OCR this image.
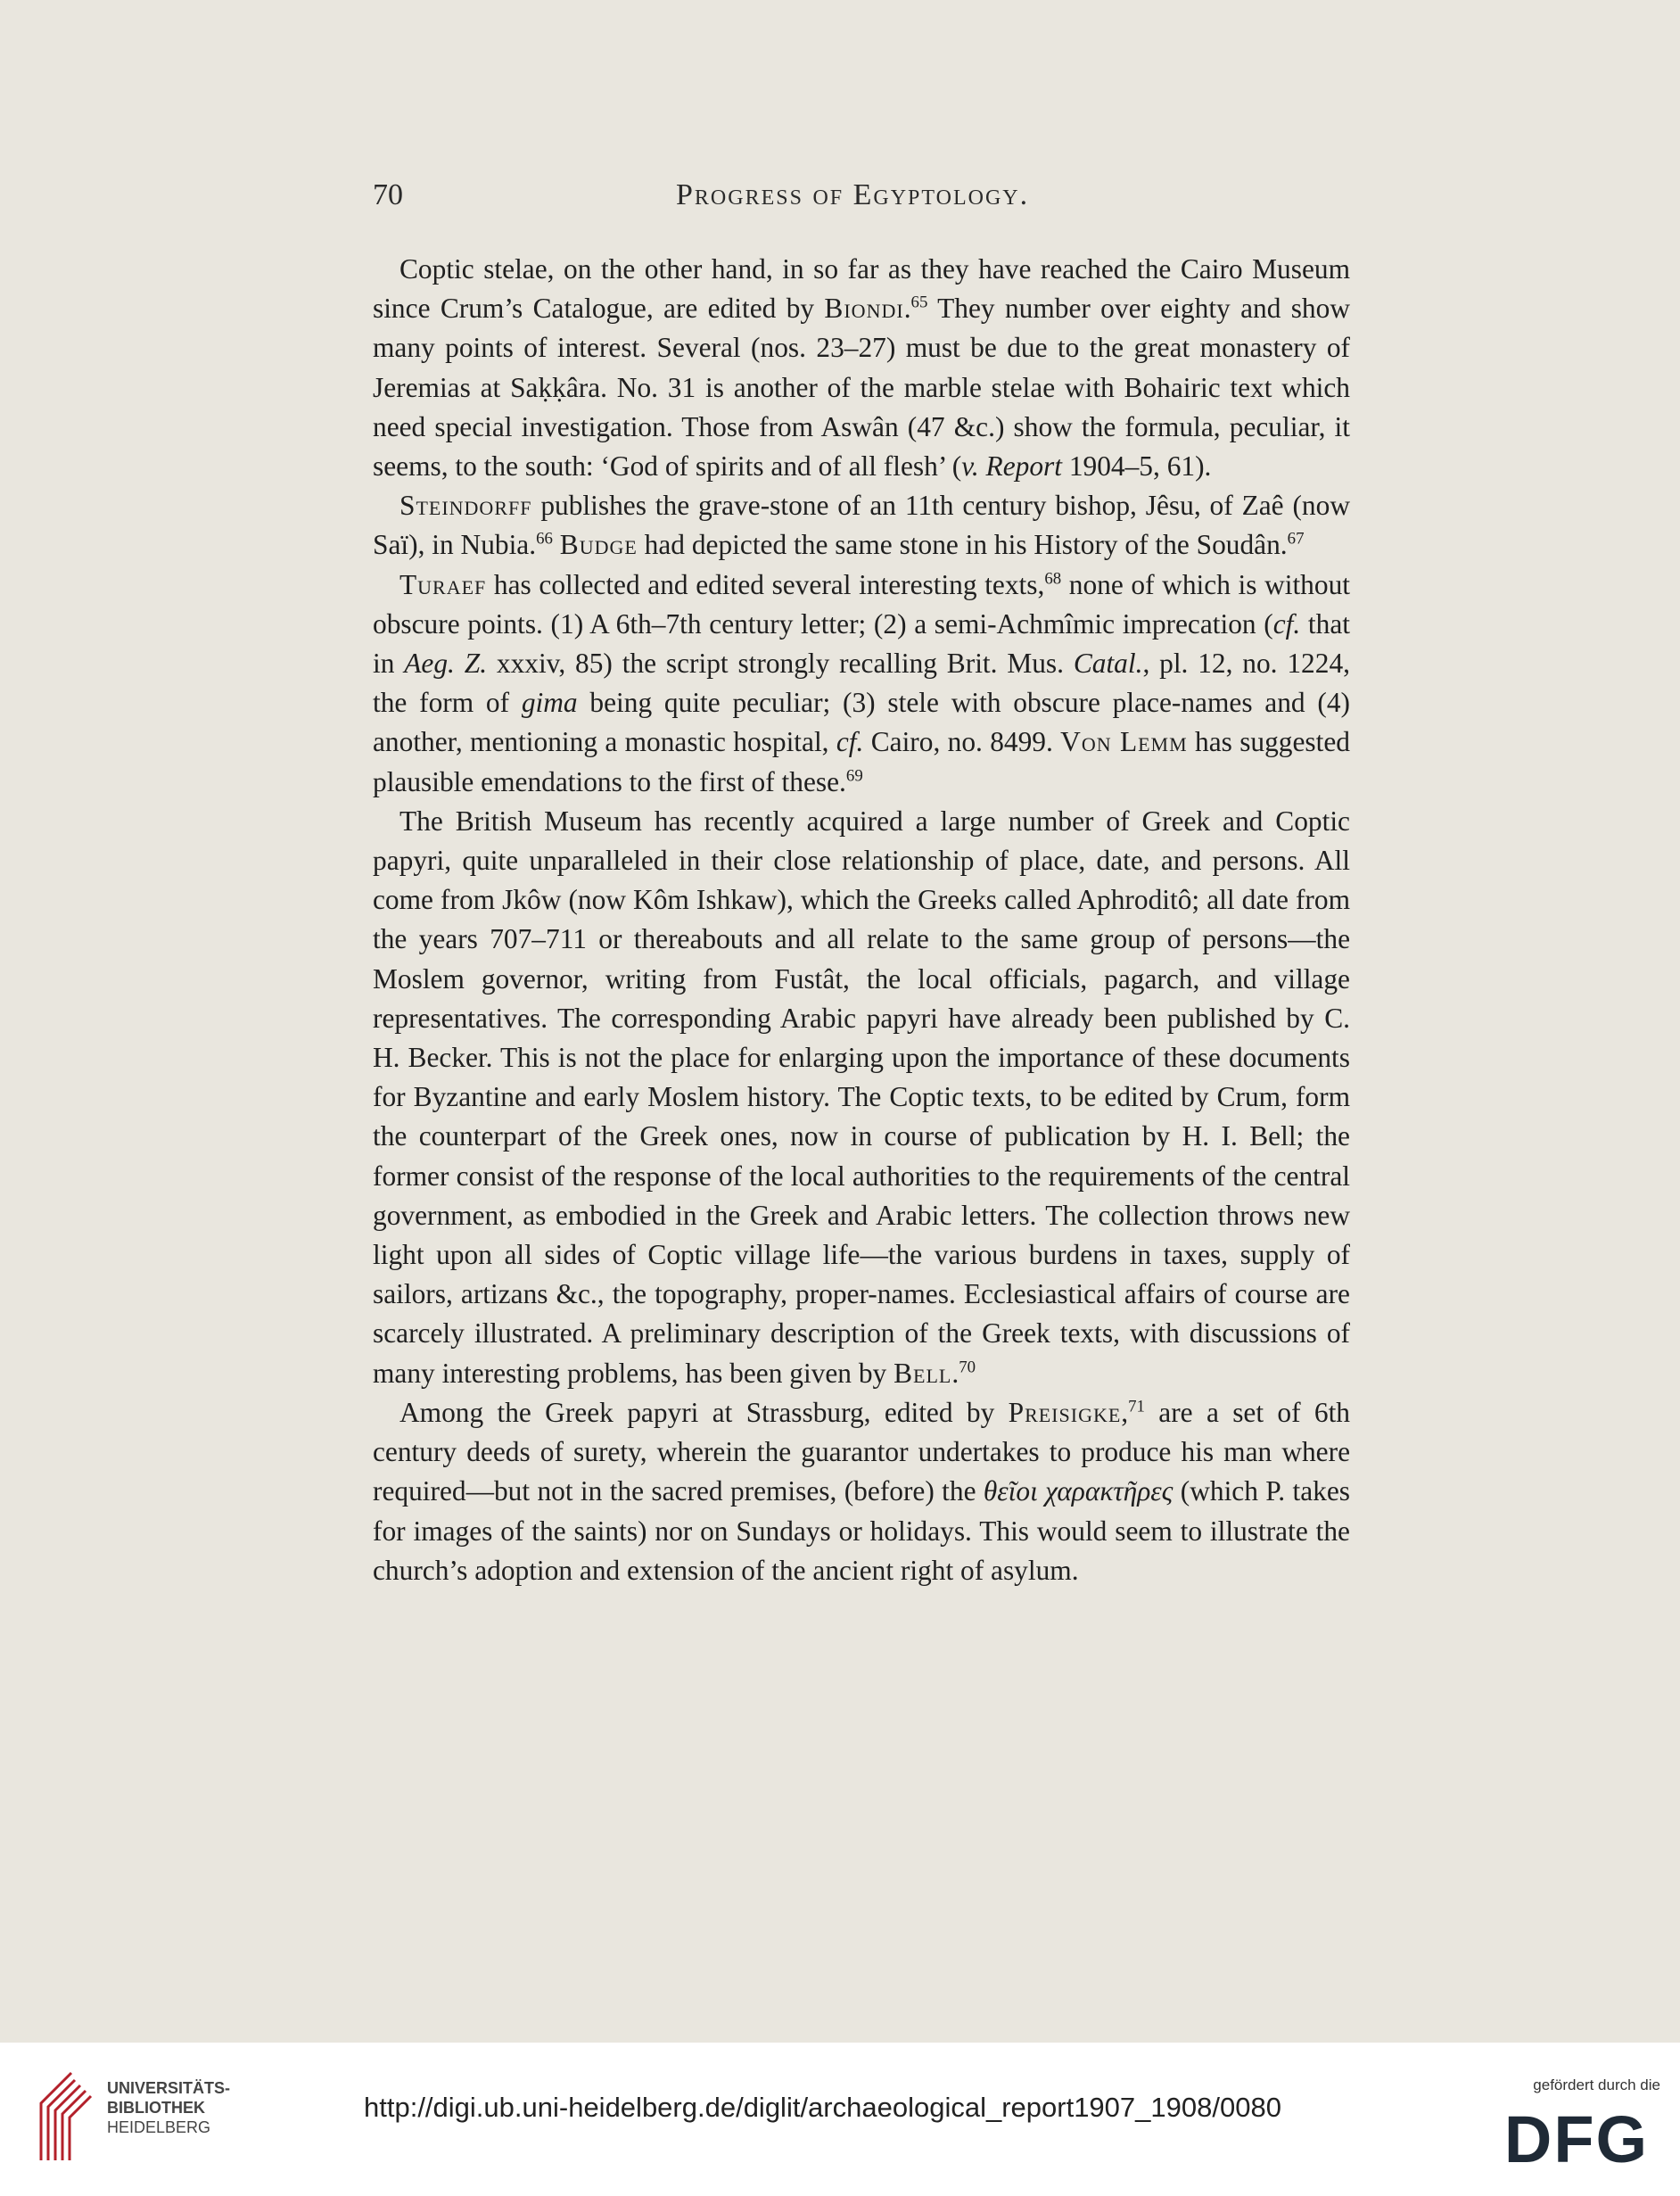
70	Progress of Egyptology.

Coptic stelae, on the other hand, in so far as they have reached the Cairo Museum since Crum’s Catalogue, are edited by Biondi.$^{65}$ They number over eighty and show many points of interest. Several (nos. 23–27) must be due to the great monastery of Jeremias at Saḳḳâra. No. 31 is another of the marble stelae with Bohairic text which need special investigation. Those from Aswân (47 &c.) show the formula, peculiar, it seems, to the south: ‘God of spirits and of all flesh’ (v. Report 1904–5, 61).

Steindorff publishes the grave-stone of an 11th century bishop, Jêsu, of Zaê (now Saï), in Nubia.$^{66}$ Budge had depicted the same stone in his History of the Soudân.$^{67}$

Turaef has collected and edited several interesting texts,$^{68}$ none of which is without obscure points. (1) A 6th–7th century letter; (2) a semi-Achmîmic imprecation (cf. that in Aeg. Z. xxxiv, 85) the script strongly recalling Brit. Mus. Catal., pl. 12, no. 1224, the form of gima being quite peculiar; (3) stele with obscure place-names and (4) another, mentioning a monastic hospital, cf. Cairo, no. 8499. Von Lemm has suggested plausible emendations to the first of these.$^{69}$

The British Museum has recently acquired a large number of Greek and Coptic papyri, quite unparalleled in their close relationship of place, date, and persons. All come from Jkôw (now Kôm Ishkaw), which the Greeks called Aphroditô; all date from the years 707–711 or thereabouts and all relate to the same group of persons—the Moslem governor, writing from Fustât, the local officials, pagarch, and village representatives. The corresponding Arabic papyri have already been published by C. H. Becker. This is not the place for enlarging upon the importance of these documents for Byzantine and early Moslem history. The Coptic texts, to be edited by Crum, form the counterpart of the Greek ones, now in course of publication by H. I. Bell; the former consist of the response of the local authorities to the requirements of the central government, as embodied in the Greek and Arabic letters. The collection throws new light upon all sides of Coptic village life—the various burdens in taxes, supply of sailors, artizans &c., the topography, proper-names. Ecclesiastical affairs of course are scarcely illustrated. A preliminary description of the Greek texts, with discussions of many interesting problems, has been given by Bell.$^{70}$

Among the Greek papyri at Strassburg, edited by Preisigke,$^{71}$ are a set of 6th century deeds of surety, wherein the guarantor undertakes to produce his man where required—but not in the sacred premises, (before) the θεῖοι χαρακτῆρες (which P. takes for images of the saints) nor on Sundays or holidays. This would seem to illustrate the church’s adoption and extension of the ancient right of asylum.

UNIVERSITÄTS-
BIBLIOTHEK
HEIDELBERG
http://digi.ub.uni-heidelberg.de/diglit/archaeological_report1907_1908/0080
gefördert durch die
DFG
